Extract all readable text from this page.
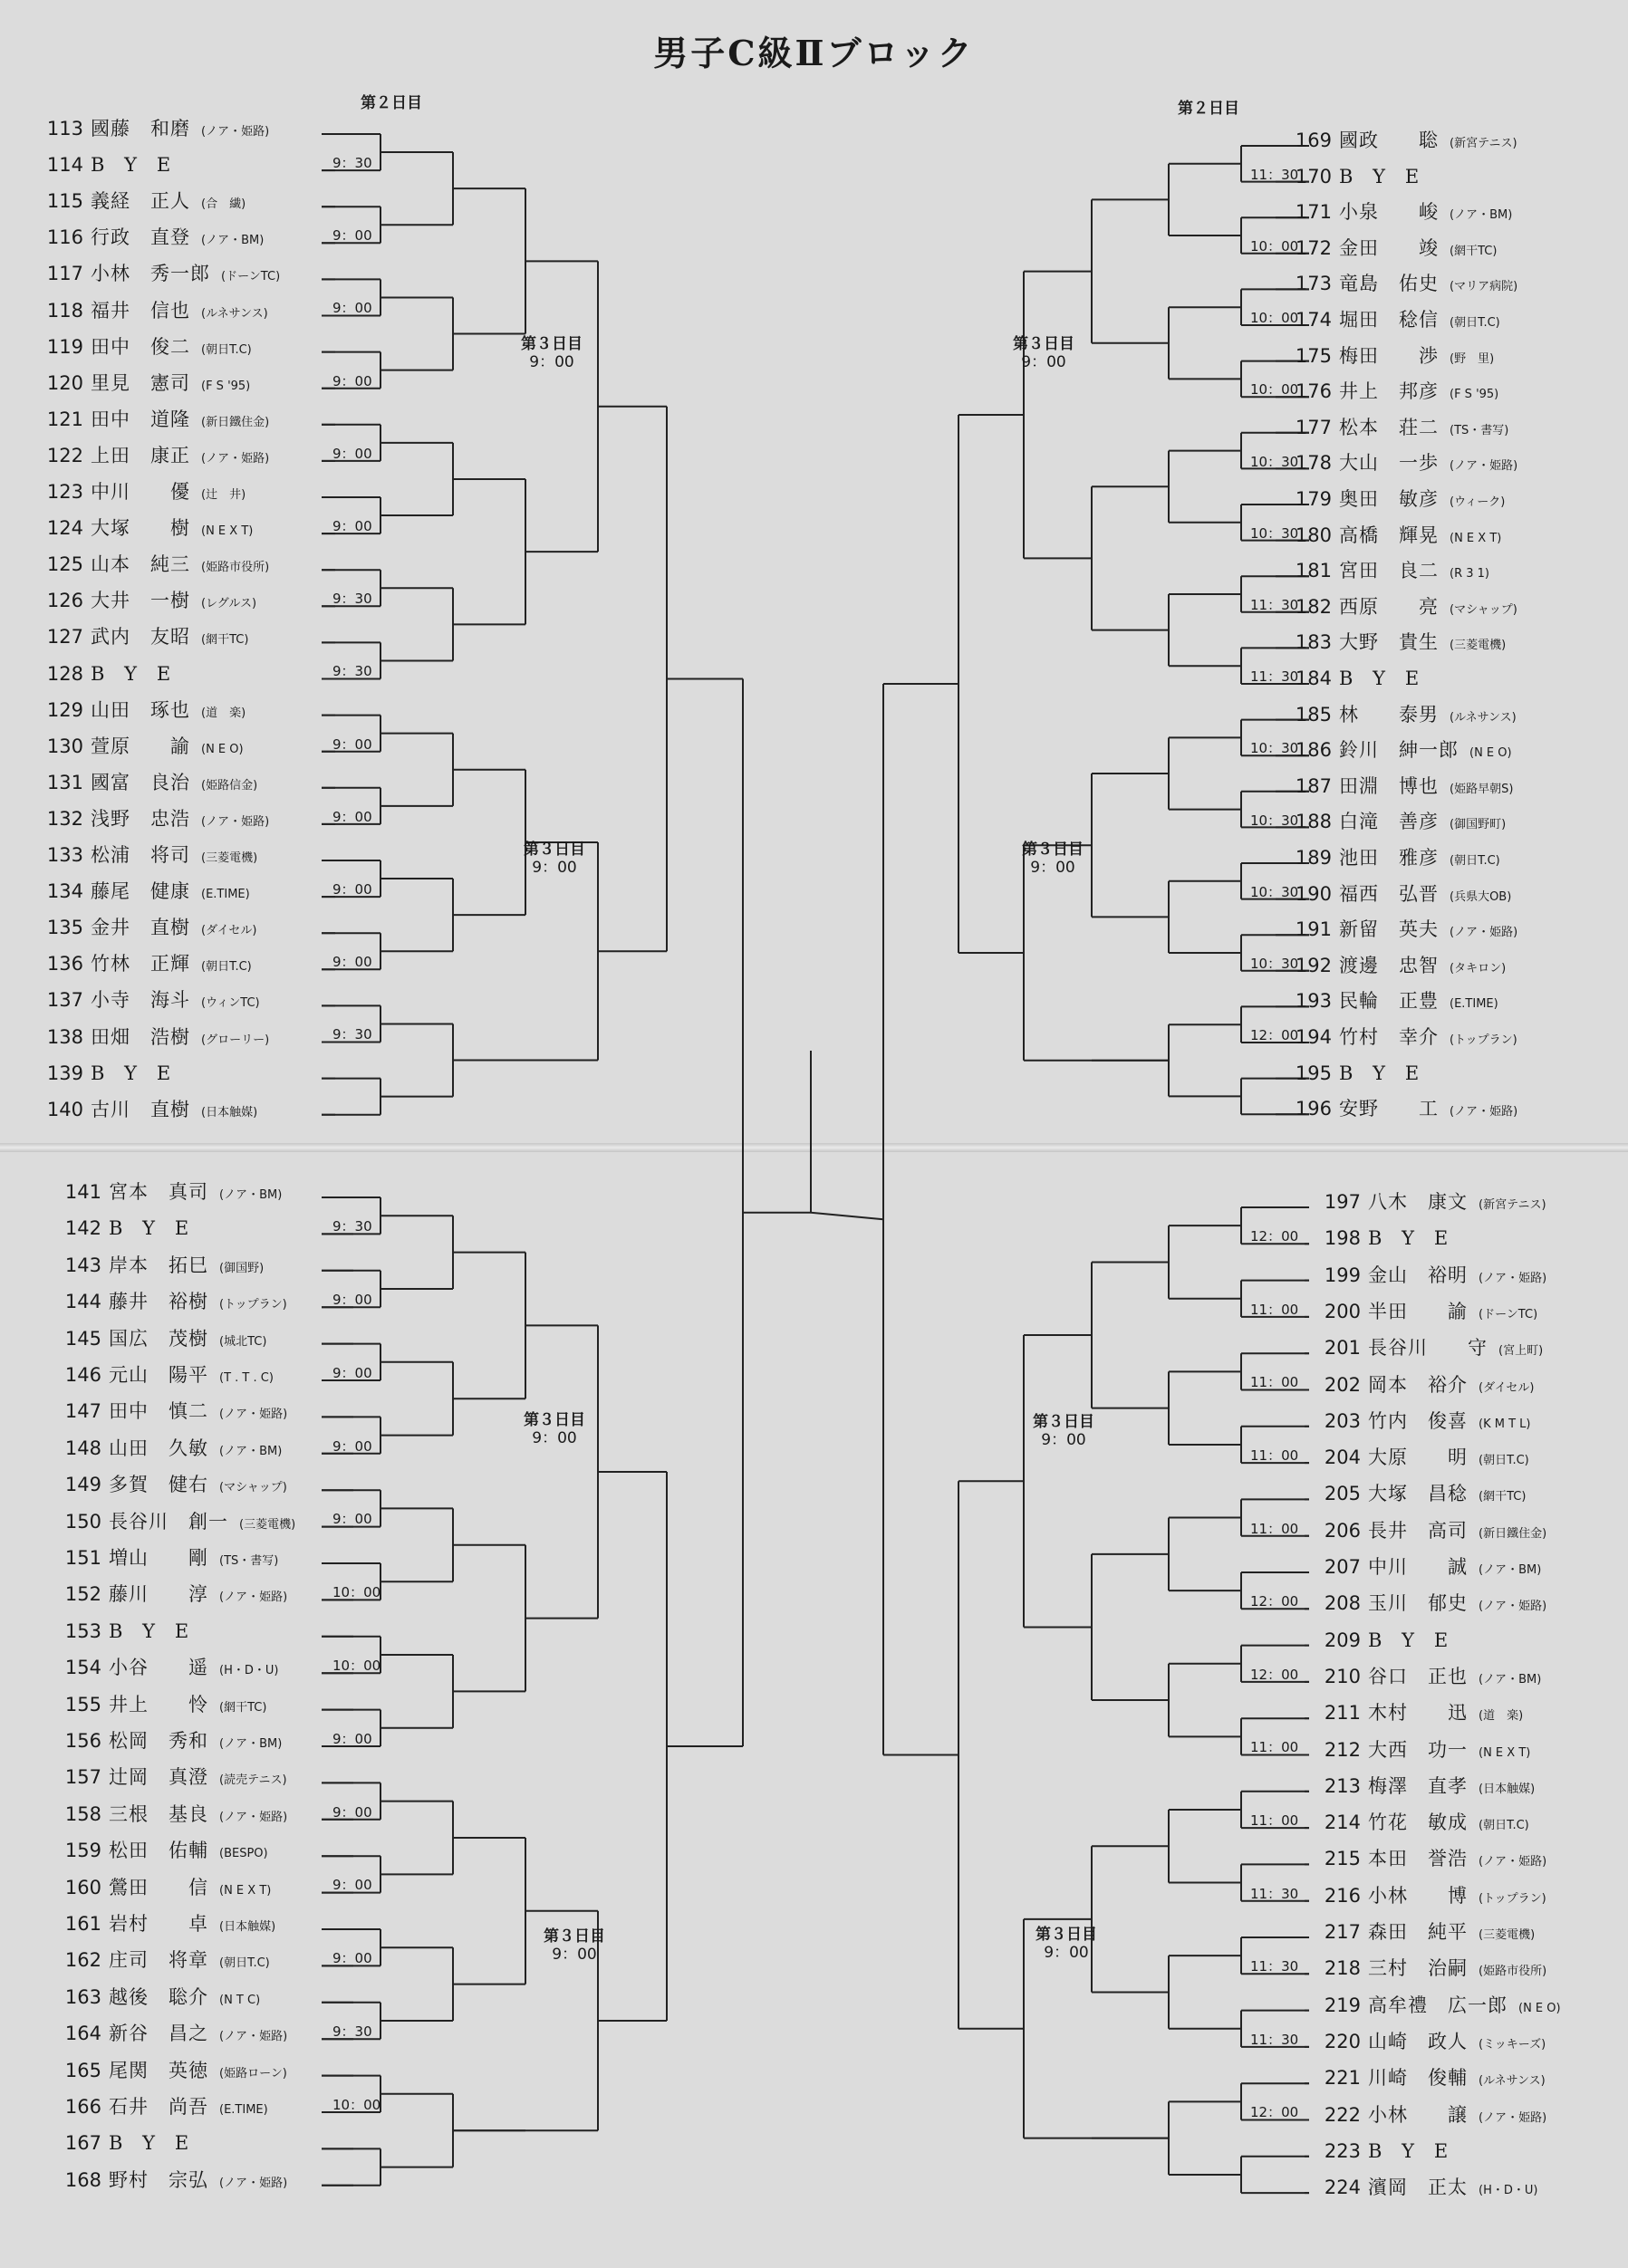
男子C級Ⅱブロック
113 國藤　和磨 (ノア・姫路)
114 BYE
115 義経　正人 (合　繊)
116 行政　直登 (ノア・BM)
117 小林　秀一郎 (ドーンTC)
118 福井　信也 (ルネサンス)
119 田中　俊二 (朝日T.C)
120 里見　憲司 (F S '95)
121 田中　道隆 (新日鐵住金)
122 上田　康正 (ノア・姫路)
123 中川　　優 (辻　井)
124 大塚　　樹 (N E X T)
125 山本　純三 (姫路市役所)
126 大井　一樹 (レグルス)
127 武内　友昭 (網干TC)
128 BYE
129 山田　琢也 (道　楽)
130 萱原　　諭 (N E O)
131 國富　良治 (姫路信金)
132 浅野　忠浩 (ノア・姫路)
133 松浦　将司 (三菱電機)
134 藤尾　健康 (E.TIME)
135 金井　直樹 (ダイセル)
136 竹林　正輝 (朝日T.C)
137 小寺　海斗 (ウィンTC)
138 田畑　浩樹 (グローリー)
139 BYE
140 古川　直樹 (日本触媒)
9：30
9：00
9：00
9：00
9：00
9：00
9：30
9：30
9：00
9：00
9：00
9：00
9：30
141 宮本　真司 (ノア・BM)
142 BYE
143 岸本　拓巳 (御国野)
144 藤井　裕樹 (トップラン)
145 国広　茂樹 (城北TC)
146 元山　陽平 (T . T . C)
147 田中　慎二 (ノア・姫路)
148 山田　久敏 (ノア・BM)
149 多賀　健右 (マシャップ)
150 長谷川　創一 (三菱電機)
151 増山　　剛 (TS・書写)
152 藤川　　淳 (ノア・姫路)
153 BYE
154 小谷　　遥 (H・D・U)
155 井上　　怜 (網干TC)
156 松岡　秀和 (ノア・BM)
157 辻岡　真澄 (読売テニス)
158 三根　基良 (ノア・姫路)
159 松田　佑輔 (BESPO)
160 鶯田　　信 (N E X T)
161 岩村　　卓 (日本触媒)
162 庄司　将章 (朝日T.C)
163 越後　聡介 (N T C)
164 新谷　昌之 (ノア・姫路)
165 尾関　英徳 (姫路ローン)
166 石井　尚吾 (E.TIME)
167 BYE
168 野村　宗弘 (ノア・姫路)
9：30
9：00
9：00
9：00
9：00
10：00
10：00
9：00
9：00
9：00
9：00
9：30
10：00
169 國政　　聡 (新宮テニス)
170 BYE
171 小泉　　峻 (ノア・BM)
172 金田　　竣 (網干TC)
173 竜島　佑史 (マリア病院)
174 堀田　稔信 (朝日T.C)
175 梅田　　渉 (野　里)
176 井上　邦彦 (F S '95)
177 松本　荘二 (TS・書写)
178 大山　一歩 (ノア・姫路)
179 奥田　敏彦 (ウィーク)
180 高橋　輝晃 (N E X T)
181 宮田　良二 (R 3 1)
182 西原　　亮 (マシャップ)
183 大野　貴生 (三菱電機)
184 BYE
185 林　　泰男 (ルネサンス)
186 鈴川　紳一郎 (N E O)
187 田淵　博也 (姫路早朝S)
188 白滝　善彦 (御国野町)
189 池田　雅彦 (朝日T.C)
190 福西　弘晋 (兵県大OB)
191 新留　英夫 (ノア・姫路)
192 渡邊　忠智 (タキロン)
193 民輪　正豊 (E.TIME)
194 竹村　幸介 (トップラン)
195 BYE
196 安野　　工 (ノア・姫路)
11：30
10：00
10：00
10：00
10：30
10：30
11：30
11：30
10：30
10：30
10：30
10：30
12：00
197 八木　康文 (新宮テニス)
198 BYE
199 金山　裕明 (ノア・姫路)
200 半田　　諭 (ドーンTC)
201 長谷川　　守 (宮上町)
202 岡本　裕介 (ダイセル)
203 竹内　俊喜 (K M T L)
204 大原　　明 (朝日T.C)
205 大塚　昌稔 (網干TC)
206 長井　高司 (新日鐵住金)
207 中川　　誠 (ノア・BM)
208 玉川　郁史 (ノア・姫路)
209 BYE
210 谷口　正也 (ノア・BM)
211 木村　　迅 (道　楽)
212 大西　功一 (N E X T)
213 梅澤　直孝 (日本触媒)
214 竹花　敏成 (朝日T.C)
215 本田　誉浩 (ノア・姫路)
216 小林　　博 (トップラン)
217 森田　純平 (三菱電機)
218 三村　治嗣 (姫路市役所)
219 高牟禮　広一郎 (N E O)
220 山崎　政人 (ミッキーズ)
221 川崎　俊輔 (ルネサンス)
222 小林　　譲 (ノア・姫路)
223 BYE
224 濱岡　正太 (H・D・U)
12：00
11：00
11：00
11：00
11：00
12：00
12：00
11：00
11：00
11：30
11：30
11：30
12：00
第２日目	第２日目
第３日目
9：00
第３日目
9：00
第３日目
9：00
第３日目
9：00
第３日目
9：00
第３日目
9：00
第３日目
9：00
第３日目
9：00
